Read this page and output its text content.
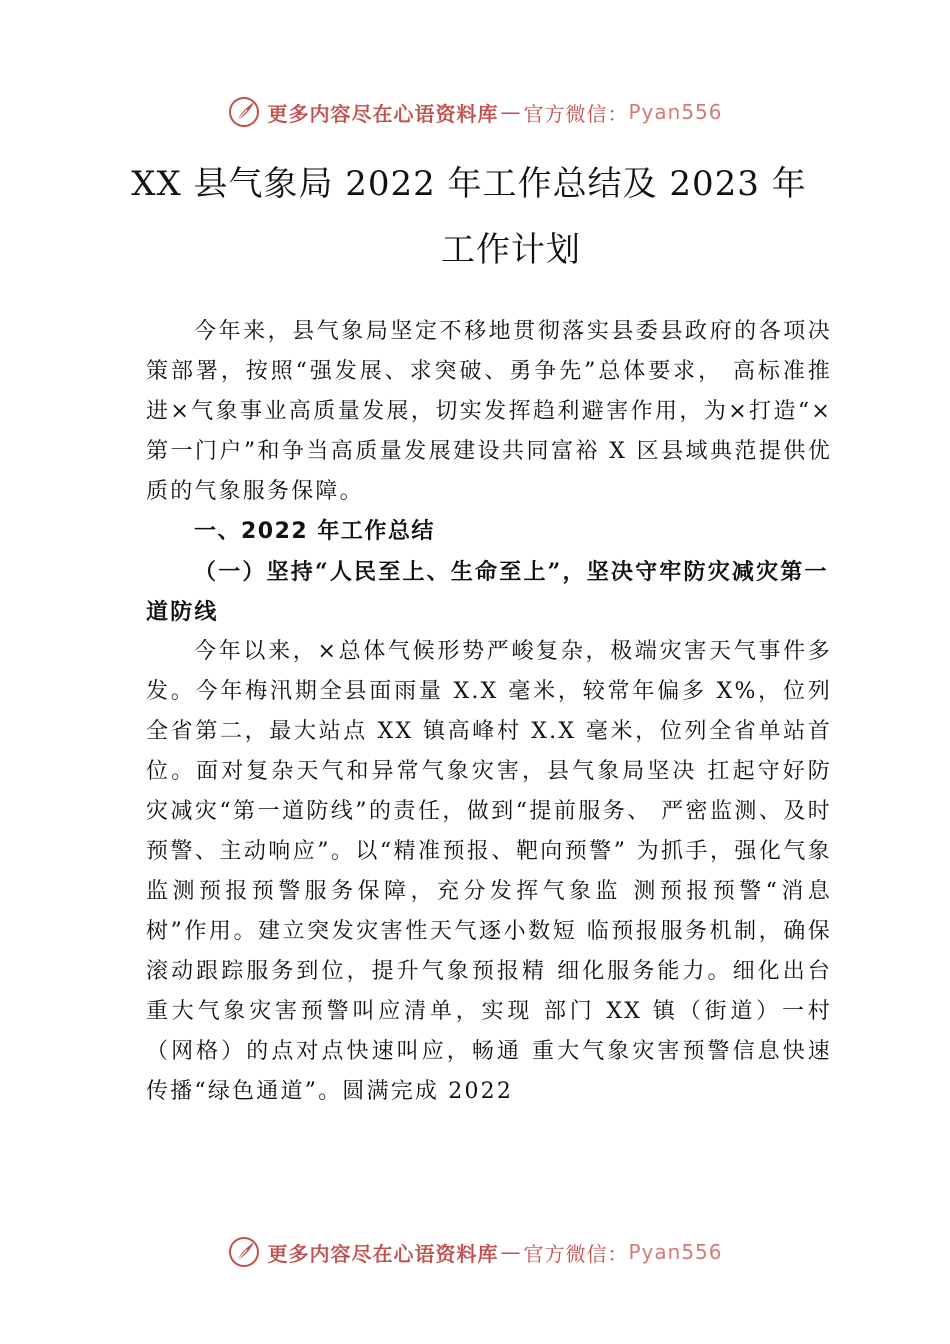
更多内容尽在心语资料库 — 官方微信： Pyan556
XX 县气象局 2022 年工作总结及 2023 年
工作计划

今年来，县气象局坚定不移地贯彻落实县委县政府的各项决策部署，按照“强发展、求突破、勇争先”总体要求， 高标准推进×气象事业高质量发展，切实发挥趋利避害作用，为×打造“×第一门户”和争当高质量发展建设共同富裕 X 区县域典范提供优质的气象服务保障。

一、2022 年工作总结

（一）坚持“人民至上、生命至上”，坚决守牢防灾减灾第一道防线

今年以来，×总体气候形势严峻复杂，极端灾害天气事件多发。今年梅汛期全县面雨量 X.X 毫米，较常年偏多 X%，位列全省第二，最大站点 XX 镇高峰村 X.X 毫米，位列全省单站首位。面对复杂天气和异常气象灾害，县气象局坚决 扛起守好防灾减灾“第一道防线”的责任，做到“提前服务、 严密监测、及时预警、主动响应”。以“精准预报、靶向预警” 为抓手，强化气象监测预报预警服务保障，充分发挥气象监 测预报预警“消息树”作用。建立突发灾害性天气逐小数短 临预报服务机制，确保滚动跟踪服务到位，提升气象预报精 细化服务能力。细化出台重大气象灾害预警叫应清单，实现 部门 XX 镇（街道）一村（网格）的点对点快速叫应，畅通 重大气象灾害预警信息快速传播“绿色通道”。圆满完成 2022

更多内容尽在心语资料库 — 官方微信： Pyan556
